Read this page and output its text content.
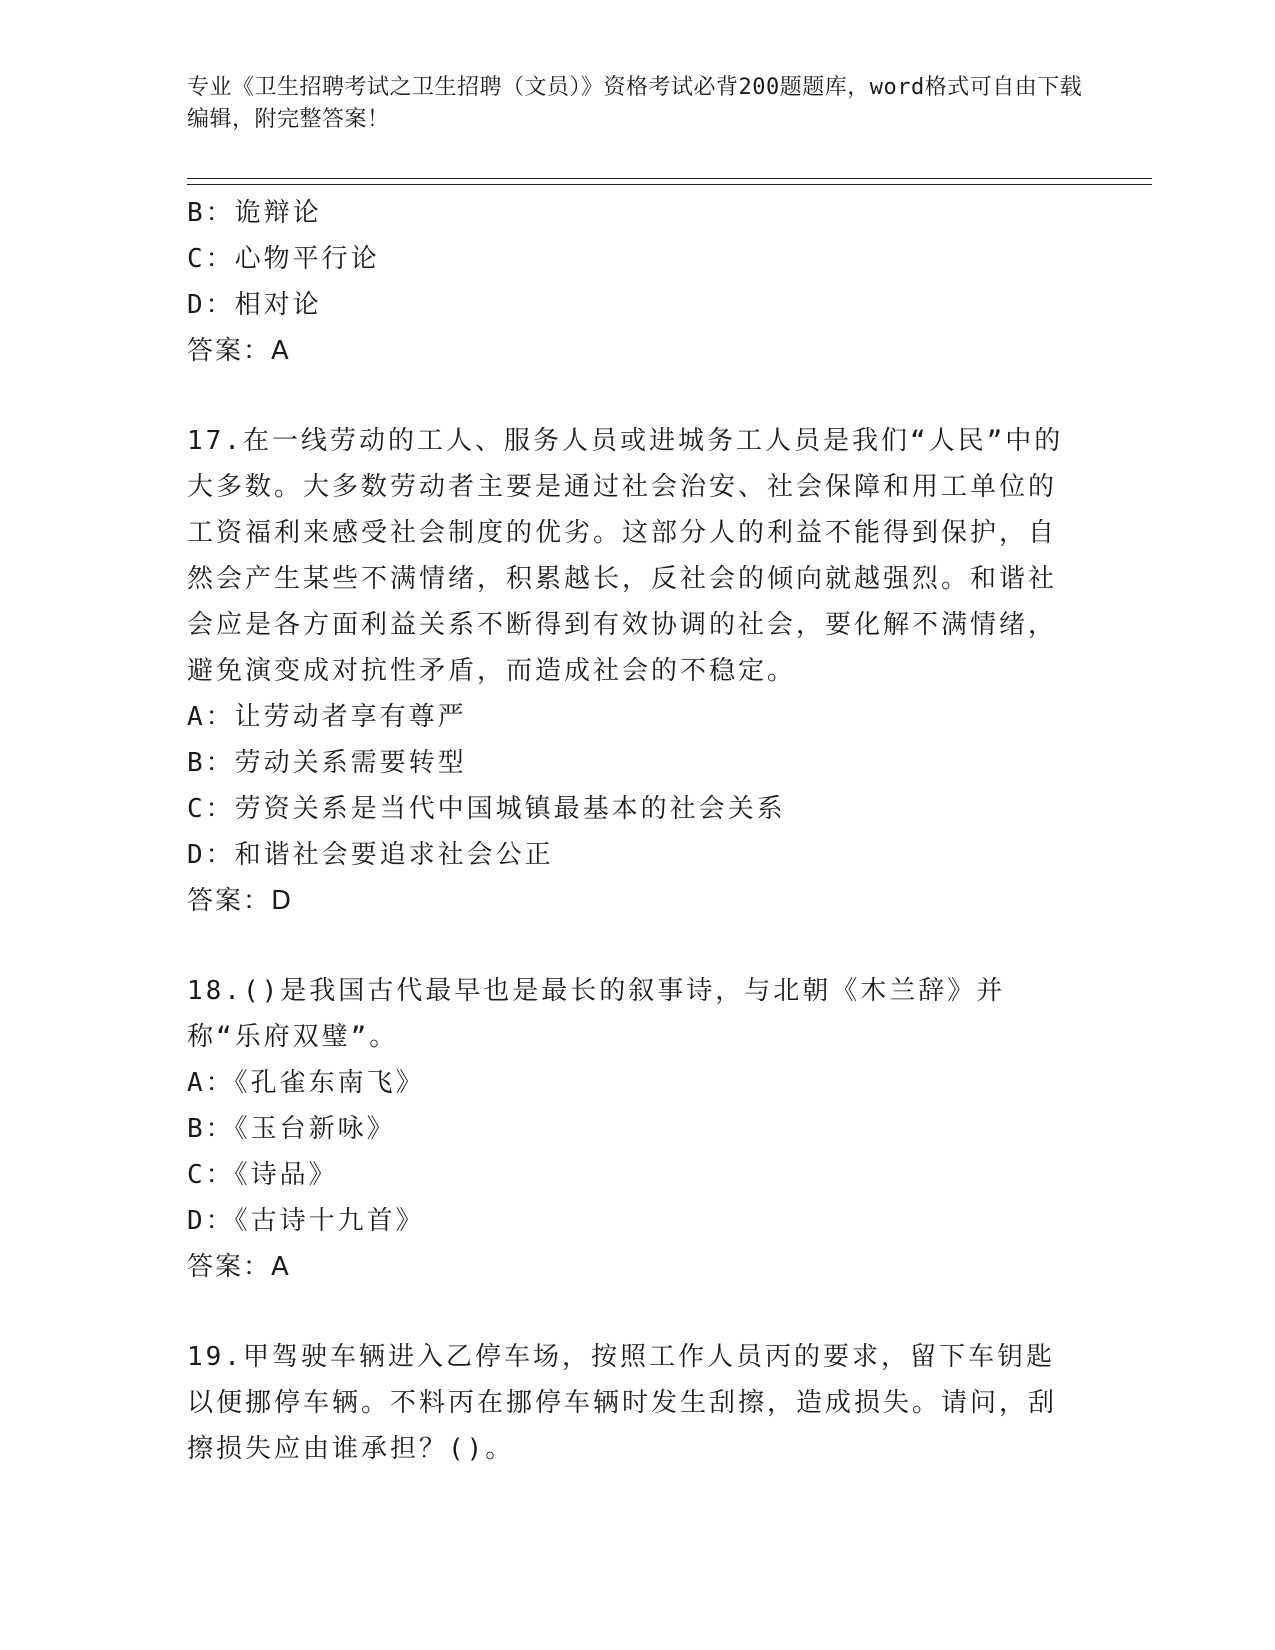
专业《卫生招聘考试之卫生招聘（文员）》资格考试必背200题题库，word格式可自由下载编辑，附完整答案！
B：诡辩论
C：心物平行论
D：相对论
答案：A
17.在一线劳动的工人、服务人员或进城务工人员是我们“人民”中的大多数。大多数劳动者主要是通过社会治安、社会保障和用工单位的工资福利来感受社会制度的优劣。这部分人的利益不能得到保护，自然会产生某些不满情绪，积累越长，反社会的倾向就越强烈。和谐社会应是各方面利益关系不断得到有效协调的社会，要化解不满情绪，避免演变成对抗性矛盾，而造成社会的不稳定。
A：让劳动者享有尊严
B：劳动关系需要转型
C：劳资关系是当代中国城镇最基本的社会关系
D：和谐社会要追求社会公正
答案：D
18.()是我国古代最早也是最长的叙事诗，与北朝《木兰辞》并称“乐府双璧”。
A：《孔雀东南飞》
B：《玉台新咏》
C：《诗品》
D：《古诗十九首》
答案：A
19.甲驾驶车辆进入乙停车场，按照工作人员丙的要求，留下车钥匙以便挪停车辆。不料丙在挪停车辆时发生刮擦，造成损失。请问，刮擦损失应由谁承担？()。
